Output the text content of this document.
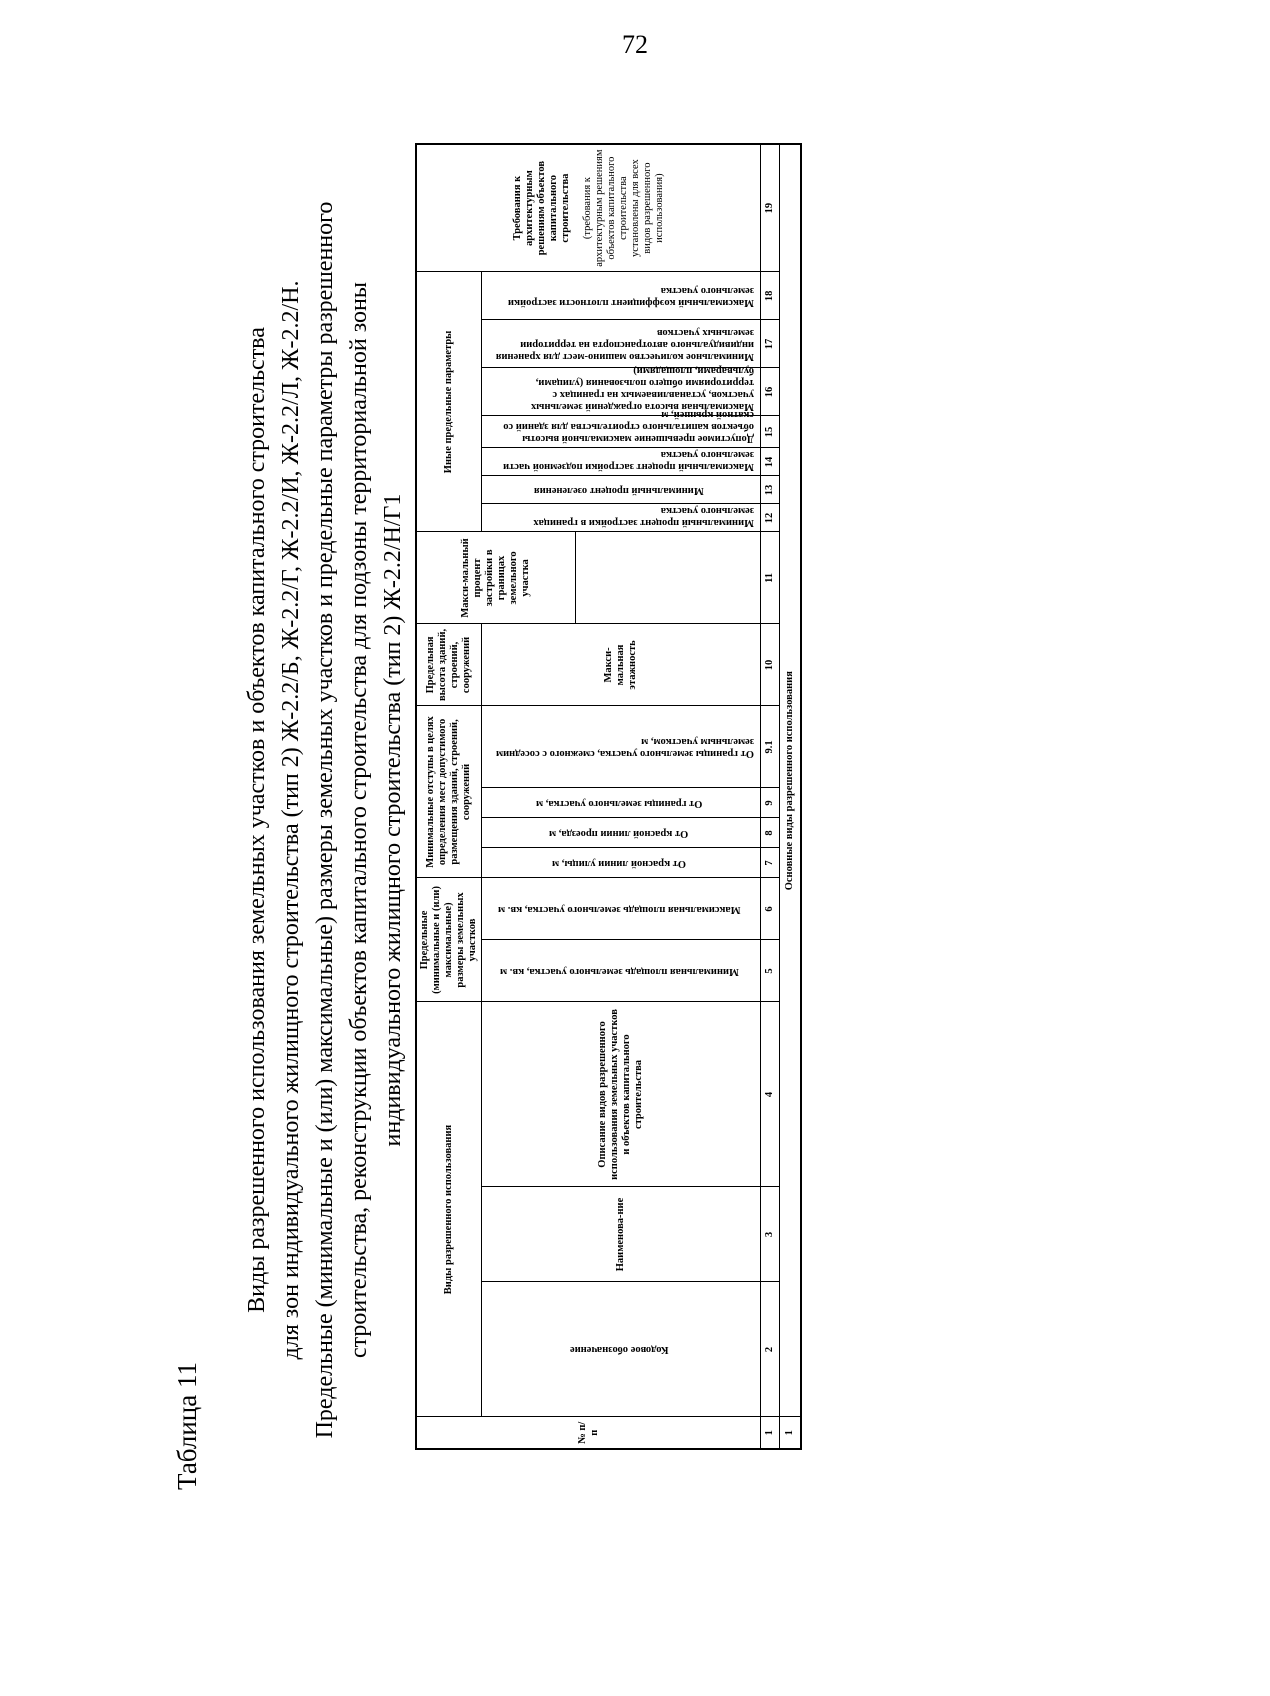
72
Таблица 11
Виды разрешенного использования земельных участков и объектов капитального строительства для зон индивидуального жилищного строительства (тип 2) Ж-2.2/Б, Ж-2.2/Г, Ж-2.2/И, Ж-2.2/Л, Ж-2.2/Н. Предельные (минимальные и (или) максимальные) размеры земельных участков и предельные параметры разрешенного строительства, реконструкции объектов капитального строительства для подзоны территориальной зоны индивидуального жилищного строительства (тип 2) Ж-2.2/Н/Г1
№ п/п	Виды разрешенного использования			Предельные (минимальные и (или) максимальные) размеры земельных участков		Минимальные отступы в целях определения мест допустимого размещения зданий, строений, сооружений				Предельная высота зданий, строений, сооружений	Макси-мальный процент застройки в границах земельного участка	Иные предельные параметры							Требования к архитектурным решениям объектов капитального строительства (требования к архитектурным решениям объектов капитального строительства установлены для всех видов разрешенного использования)

	Кодовое обозначение	Наименова-ние	Описание видов разрешенного использования земельных участков и объектов капитального строительства	Минимальная площадь земельного участка, кв. м	Максимальная площадь земельного участка, кв. м	От красной линии улицы, м	От красной линии проезда, м	От границы земельного участка, м	От границы земельного участка, смежного с соседним земельным участком, м	Макси-мальная этажность		Минимальный процент застройки в границах земельного участка	Минимальный процент озеленения	Максимальный процент застройки подземной части земельного участка	Допустимое превышение максимальной высоты объектов капитального строительства для зданий со скатной крышей, м	Максимальная высота ограждений земельных участков, устанавливаемых на границах с территориями общего пользования (улицами, бульварами, площадями)	Минимальное количество машино-мест для хранения индивидуального автотранспорта на территории земельных участков	Максимальный коэффициент плотности застройки земельного участка	

1	2	3	4	5	6	7	8	9	9.1	10	11	12	13	14	15	16	17	18	19
1	Основные виды разрешенного использования																		
